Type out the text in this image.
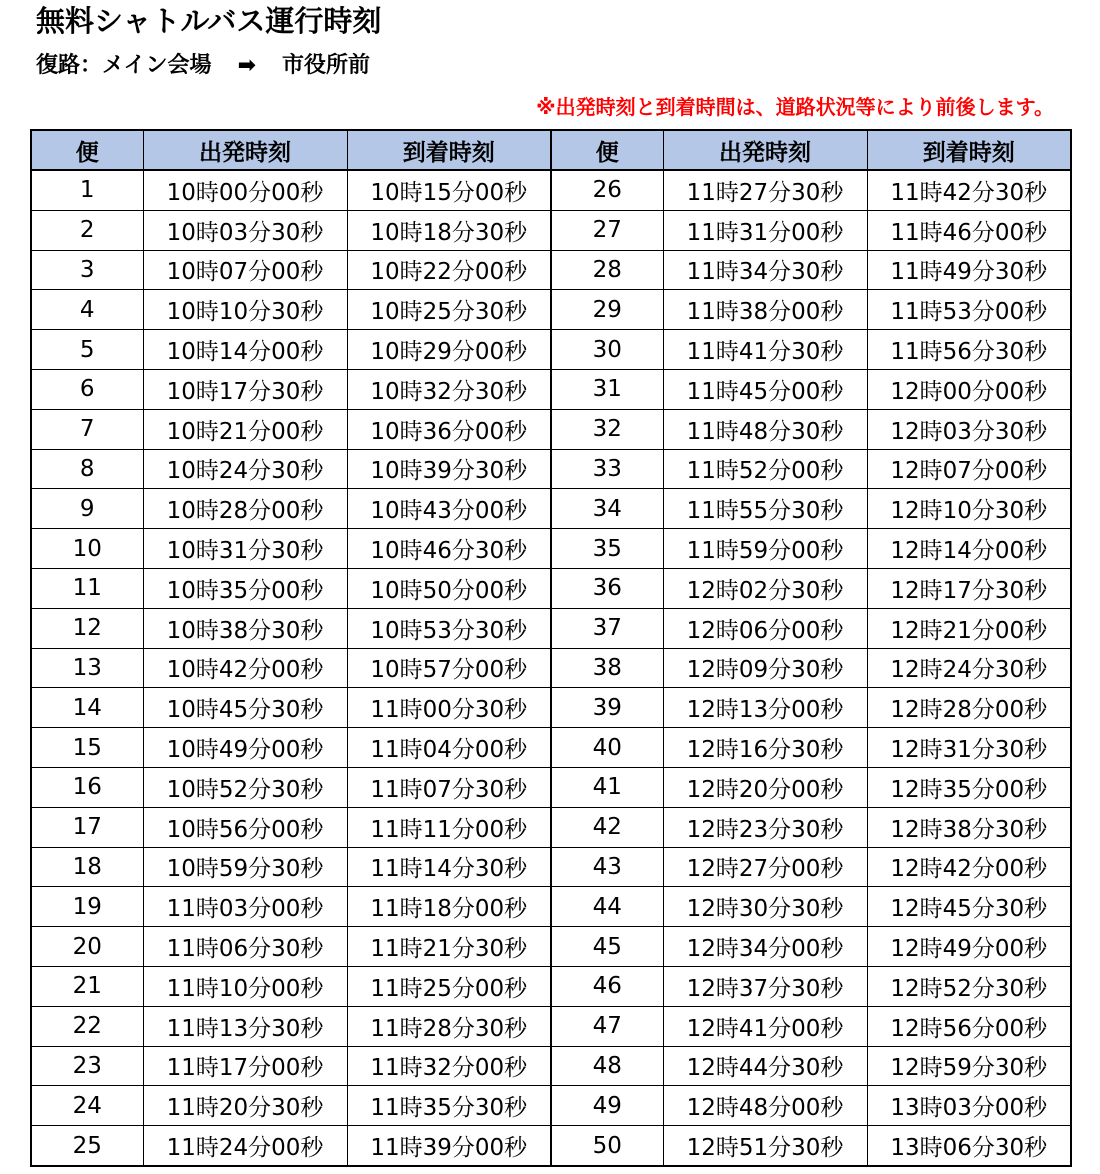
無料シャトルバス運行時刻
復路：メイン会場 ➡ 市役所前
※出発時刻と到着時間は、道路状況等により前後します。
便	出発時刻	到着時刻	便	出発時刻	到着時刻
1	10時00分00秒	10時15分00秒	26	11時27分30秒	11時42分30秒
2	10時03分30秒	10時18分30秒	27	11時31分00秒	11時46分00秒
3	10時07分00秒	10時22分00秒	28	11時34分30秒	11時49分30秒
4	10時10分30秒	10時25分30秒	29	11時38分00秒	11時53分00秒
5	10時14分00秒	10時29分00秒	30	11時41分30秒	11時56分30秒
6	10時17分30秒	10時32分30秒	31	11時45分00秒	12時00分00秒
7	10時21分00秒	10時36分00秒	32	11時48分30秒	12時03分30秒
8	10時24分30秒	10時39分30秒	33	11時52分00秒	12時07分00秒
9	10時28分00秒	10時43分00秒	34	11時55分30秒	12時10分30秒
10	10時31分30秒	10時46分30秒	35	11時59分00秒	12時14分00秒
11	10時35分00秒	10時50分00秒	36	12時02分30秒	12時17分30秒
12	10時38分30秒	10時53分30秒	37	12時06分00秒	12時21分00秒
13	10時42分00秒	10時57分00秒	38	12時09分30秒	12時24分30秒
14	10時45分30秒	11時00分30秒	39	12時13分00秒	12時28分00秒
15	10時49分00秒	11時04分00秒	40	12時16分30秒	12時31分30秒
16	10時52分30秒	11時07分30秒	41	12時20分00秒	12時35分00秒
17	10時56分00秒	11時11分00秒	42	12時23分30秒	12時38分30秒
18	10時59分30秒	11時14分30秒	43	12時27分00秒	12時42分00秒
19	11時03分00秒	11時18分00秒	44	12時30分30秒	12時45分30秒
20	11時06分30秒	11時21分30秒	45	12時34分00秒	12時49分00秒
21	11時10分00秒	11時25分00秒	46	12時37分30秒	12時52分30秒
22	11時13分30秒	11時28分30秒	47	12時41分00秒	12時56分00秒
23	11時17分00秒	11時32分00秒	48	12時44分30秒	12時59分30秒
24	11時20分30秒	11時35分30秒	49	12時48分00秒	13時03分00秒
25	11時24分00秒	11時39分00秒	50	12時51分30秒	13時06分30秒
